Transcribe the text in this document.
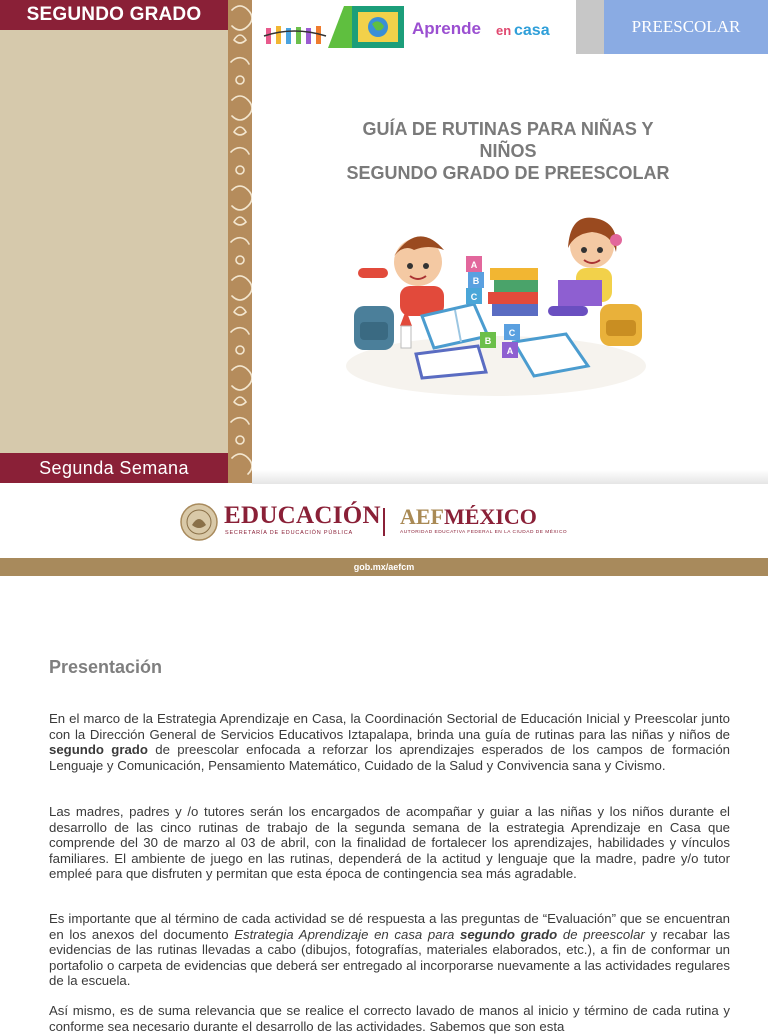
SEGUNDO GRADO
Segunda Semana
Aprende en casa	PREESCOLAR
GUÍA DE RUTINAS PARA NIÑAS Y
NIÑOS
SEGUNDO GRADO DE PREESCOLAR
A
B
C
A
B
C
EDUCACIÓN
SECRETARÍA DE EDUCACIÓN PÚBLICA
AEFMÉXICO
AUTORIDAD EDUCATIVA FEDERAL EN LA CIUDAD DE MÉXICO
gob.mx/aefcm
Presentación

En el marco de la Estrategia Aprendizaje en Casa, la Coordinación Sectorial de Educación Inicial y Preescolar junto con la Dirección General de Servicios Educativos Iztapalapa, brinda una guía de rutinas para las niñas y niños de segundo grado de preescolar enfocada a reforzar los aprendizajes esperados de los campos de formación Lenguaje y Comunicación, Pensamiento Matemático, Cuidado de la Salud y Convivencia sana y Civismo.

Las madres, padres y /o tutores serán los encargados de acompañar y guiar a las niñas y los niños durante el desarrollo de las cinco rutinas de trabajo de la segunda semana de la estrategia Aprendizaje en Casa que comprende del 30 de marzo al 03 de abril, con la finalidad de fortalecer los aprendizajes, habilidades y vínculos familiares. El ambiente de juego en las rutinas, dependerá de la actitud y lenguaje que la madre, padre y/o tutor empleé para que disfruten y permitan que esta época de contingencia sea más agradable.

Es importante que al término de cada actividad se dé respuesta a las preguntas de “Evaluación” que se encuentran en los anexos del documento Estrategia Aprendizaje en casa para segundo grado de preescolar y recabar las evidencias de las rutinas llevadas a cabo (dibujos, fotografías, materiales elaborados, etc.), a fin de conformar un portafolio o carpeta de evidencias que deberá ser entregado al incorporarse nuevamente a las actividades regulares de la escuela.

Así mismo, es de suma relevancia que se realice el correcto lavado de manos al inicio y término de cada rutina y conforme sea necesario durante el desarrollo de las actividades. Sabemos que son esta
